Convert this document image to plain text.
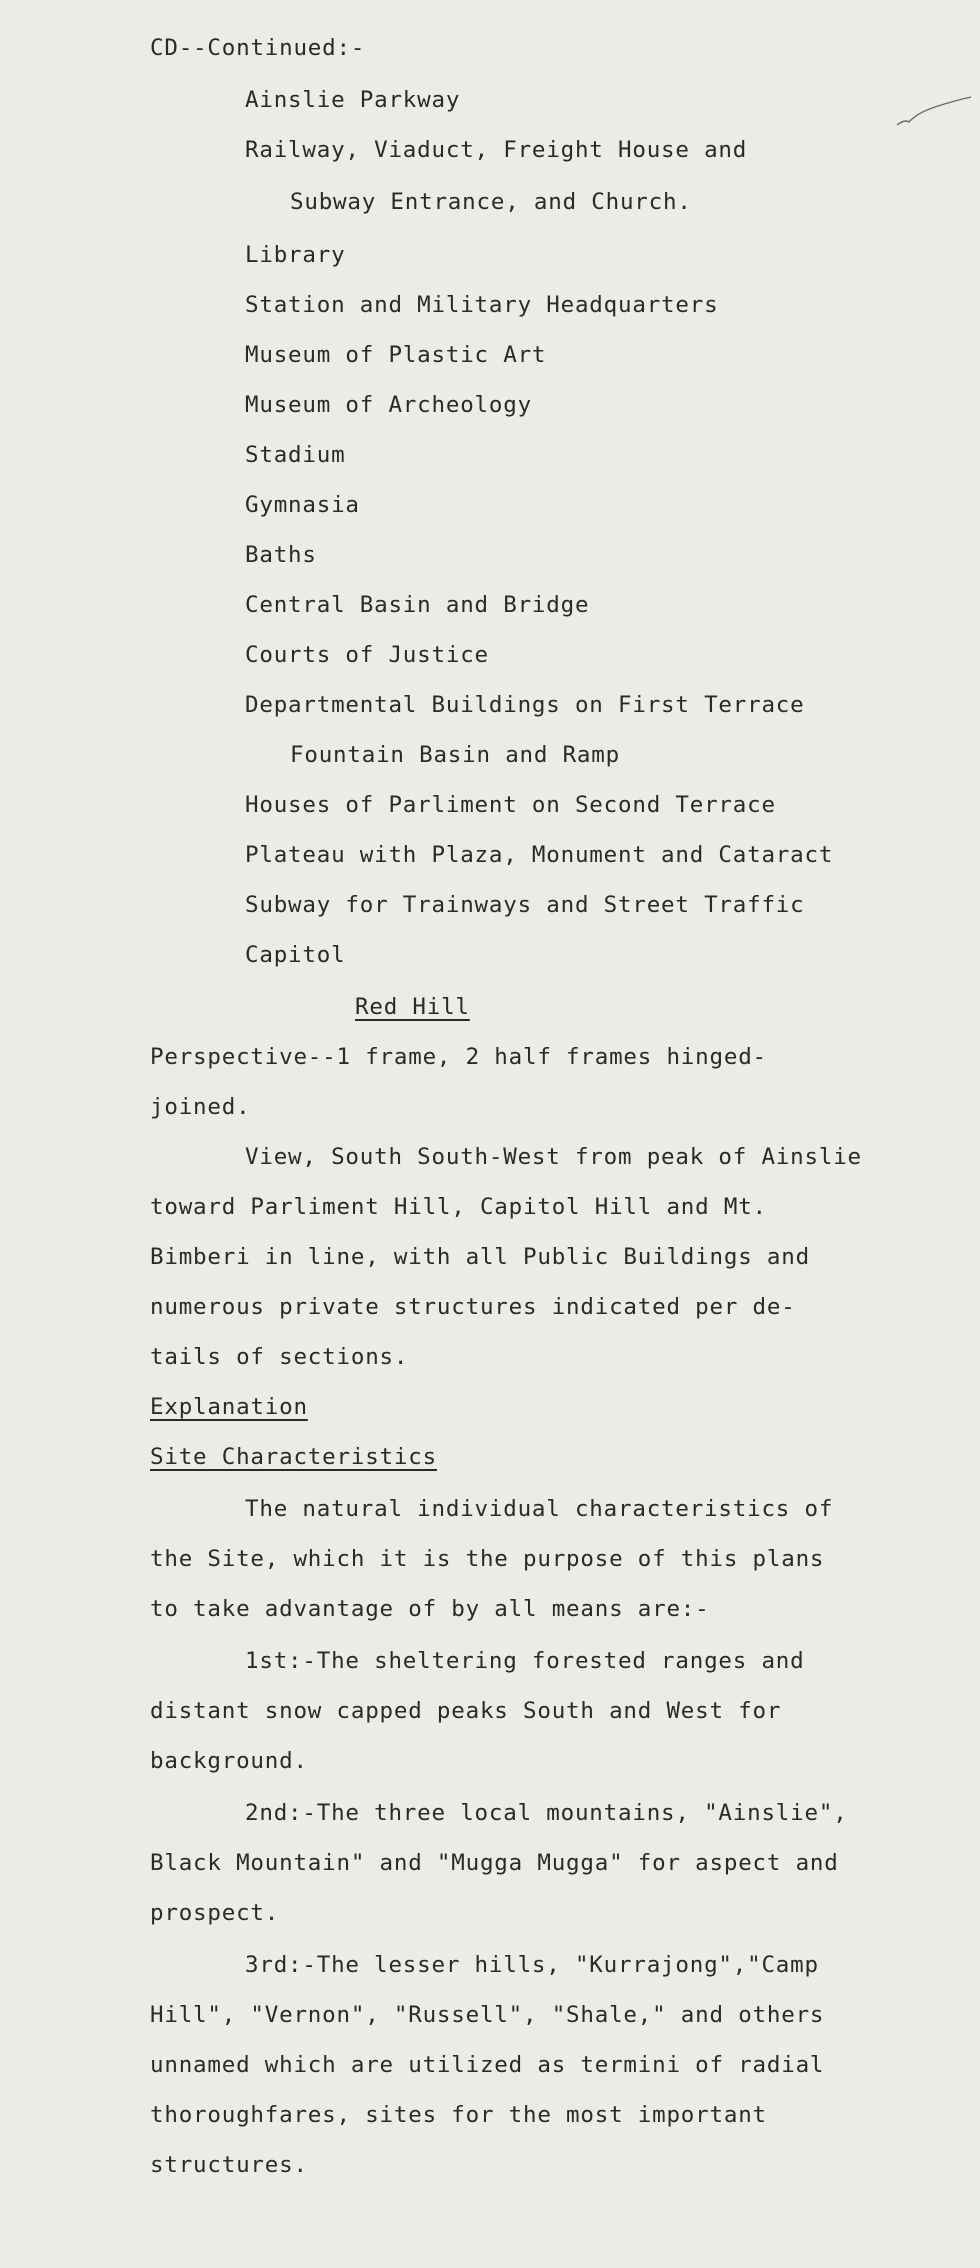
CD--Continued:-
Ainslie Parkway
Railway, Viaduct, Freight House and
Subway Entrance, and Church.
Library
Station and Military Headquarters
Museum of Plastic Art
Museum of Archeology
Stadium
Gymnasia
Baths
Central Basin and Bridge
Courts of Justice
Departmental Buildings on First Terrace
Fountain Basin and Ramp
Houses of Parliment on Second Terrace
Plateau with Plaza, Monument and Cataract
Subway for Trainways and Street Traffic
Capitol
Red Hill
Perspective--1 frame, 2 half frames hinged-
joined.
View, South South-West from peak of Ainslie
toward Parliment Hill, Capitol Hill and Mt.
Bimberi in line, with all Public Buildings and
numerous private structures indicated per de-
tails of sections.
Explanation
Site Characteristics
The natural individual characteristics of
the Site, which it is the purpose of this plans
to take advantage of by all means are:-
1st:-The sheltering forested ranges and
distant snow capped peaks South and West for
background.
2nd:-The three local mountains, "Ainslie",
Black Mountain" and "Mugga Mugga" for aspect and
prospect.
3rd:-The lesser hills, "Kurrajong","Camp
Hill", "Vernon", "Russell", "Shale," and others
unnamed which are utilized as termini of radial
thoroughfares, sites for the most important
structures.
